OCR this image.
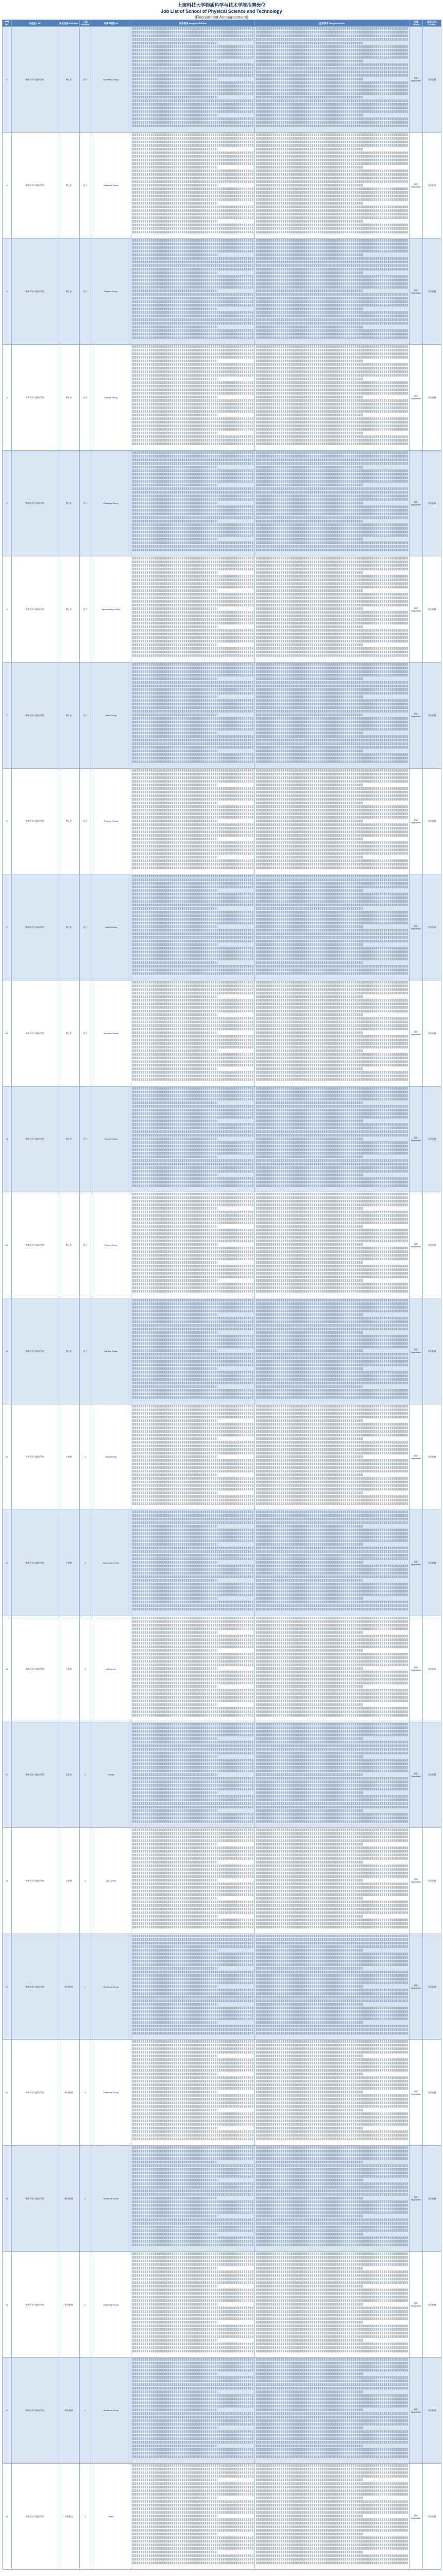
上海科技大学物质科学与技术学院招聘岗位
Job List of School of Physical Science and Technology
(Recruitment Announcement)
序号 No.	实验室 Lab	岗位名称 Position	人数 Number	所属课题组 PI	岗位职责 Responsibilities	任职要求 Requirements	待遇 Salary	联系方式 Contact
1	物质科学与技术学院	博士后	若干	Chemistry Group			面议 Negotiable	详见官网
2	物质科学与技术学院	博士后	若干	Materials Group			面议 Negotiable	详见官网
3	物质科学与技术学院	博士后	若干	Physics Group			面议 Negotiable	详见官网
4	物质科学与技术学院	博士后	若干	Energy Group			面议 Negotiable	详见官网
5	物质科学与技术学院	博士后	若干	Catalysis Group			面议 Negotiable	详见官网
6	物质科学与技术学院	博士后	若干	Spectroscopy Group			面议 Negotiable	详见官网
7	物质科学与技术学院	博士后	若干	Nano Group			面议 Negotiable	详见官网
8	物质科学与技术学院	博士后	若干	Polymer Group			面议 Negotiable	详见官网
9	物质科学与技术学院	博士后	若干	Optics Group			面议 Negotiable	详见官网
10	物质科学与技术学院	博士后	若干	Quantum Group			面议 Negotiable	详见官网
11	物质科学与技术学院	博士后	若干	Device Group			面议 Negotiable	详见官网
12	物质科学与技术学院	博士后	若干	Theory Group			面议 Negotiable	详见官网
13	物质科学与技术学院	博士后	若干	Surface Group			面议 Negotiable	详见官网
14	物质科学与技术学院	工程师	1	Engineering			面议 Negotiable	详见官网
15	物质科学与技术学院	工程师	1	Instrument Center			面议 Negotiable	详见官网
16	物质科学与技术学院	工程师	1	Lab Center			面议 Negotiable	详见官网
17	物质科学与技术学院	技术员	1	Facility			面议 Negotiable	详见官网
18	物质科学与技术学院	工程师	1	Lab Center			面议 Negotiable	详见官网
19	物质科学与技术学院	研究助理	1	Research Group			面议 Negotiable	详见官网
20	物质科学与技术学院	研究助理	1	Research Group			面议 Negotiable	详见官网
21	物质科学与技术学院	研究助理	1	Research Group			面议 Negotiable	详见官网
22	物质科学与技术学院	研究助理	1	Research Group			面议 Negotiable	详见官网
23	物质科学与技术学院	研究助理	1	Research Group			面议 Negotiable	详见官网
24	物质科学与技术学院	科研秘书	1	Office			面议 Negotiable	详见官网
